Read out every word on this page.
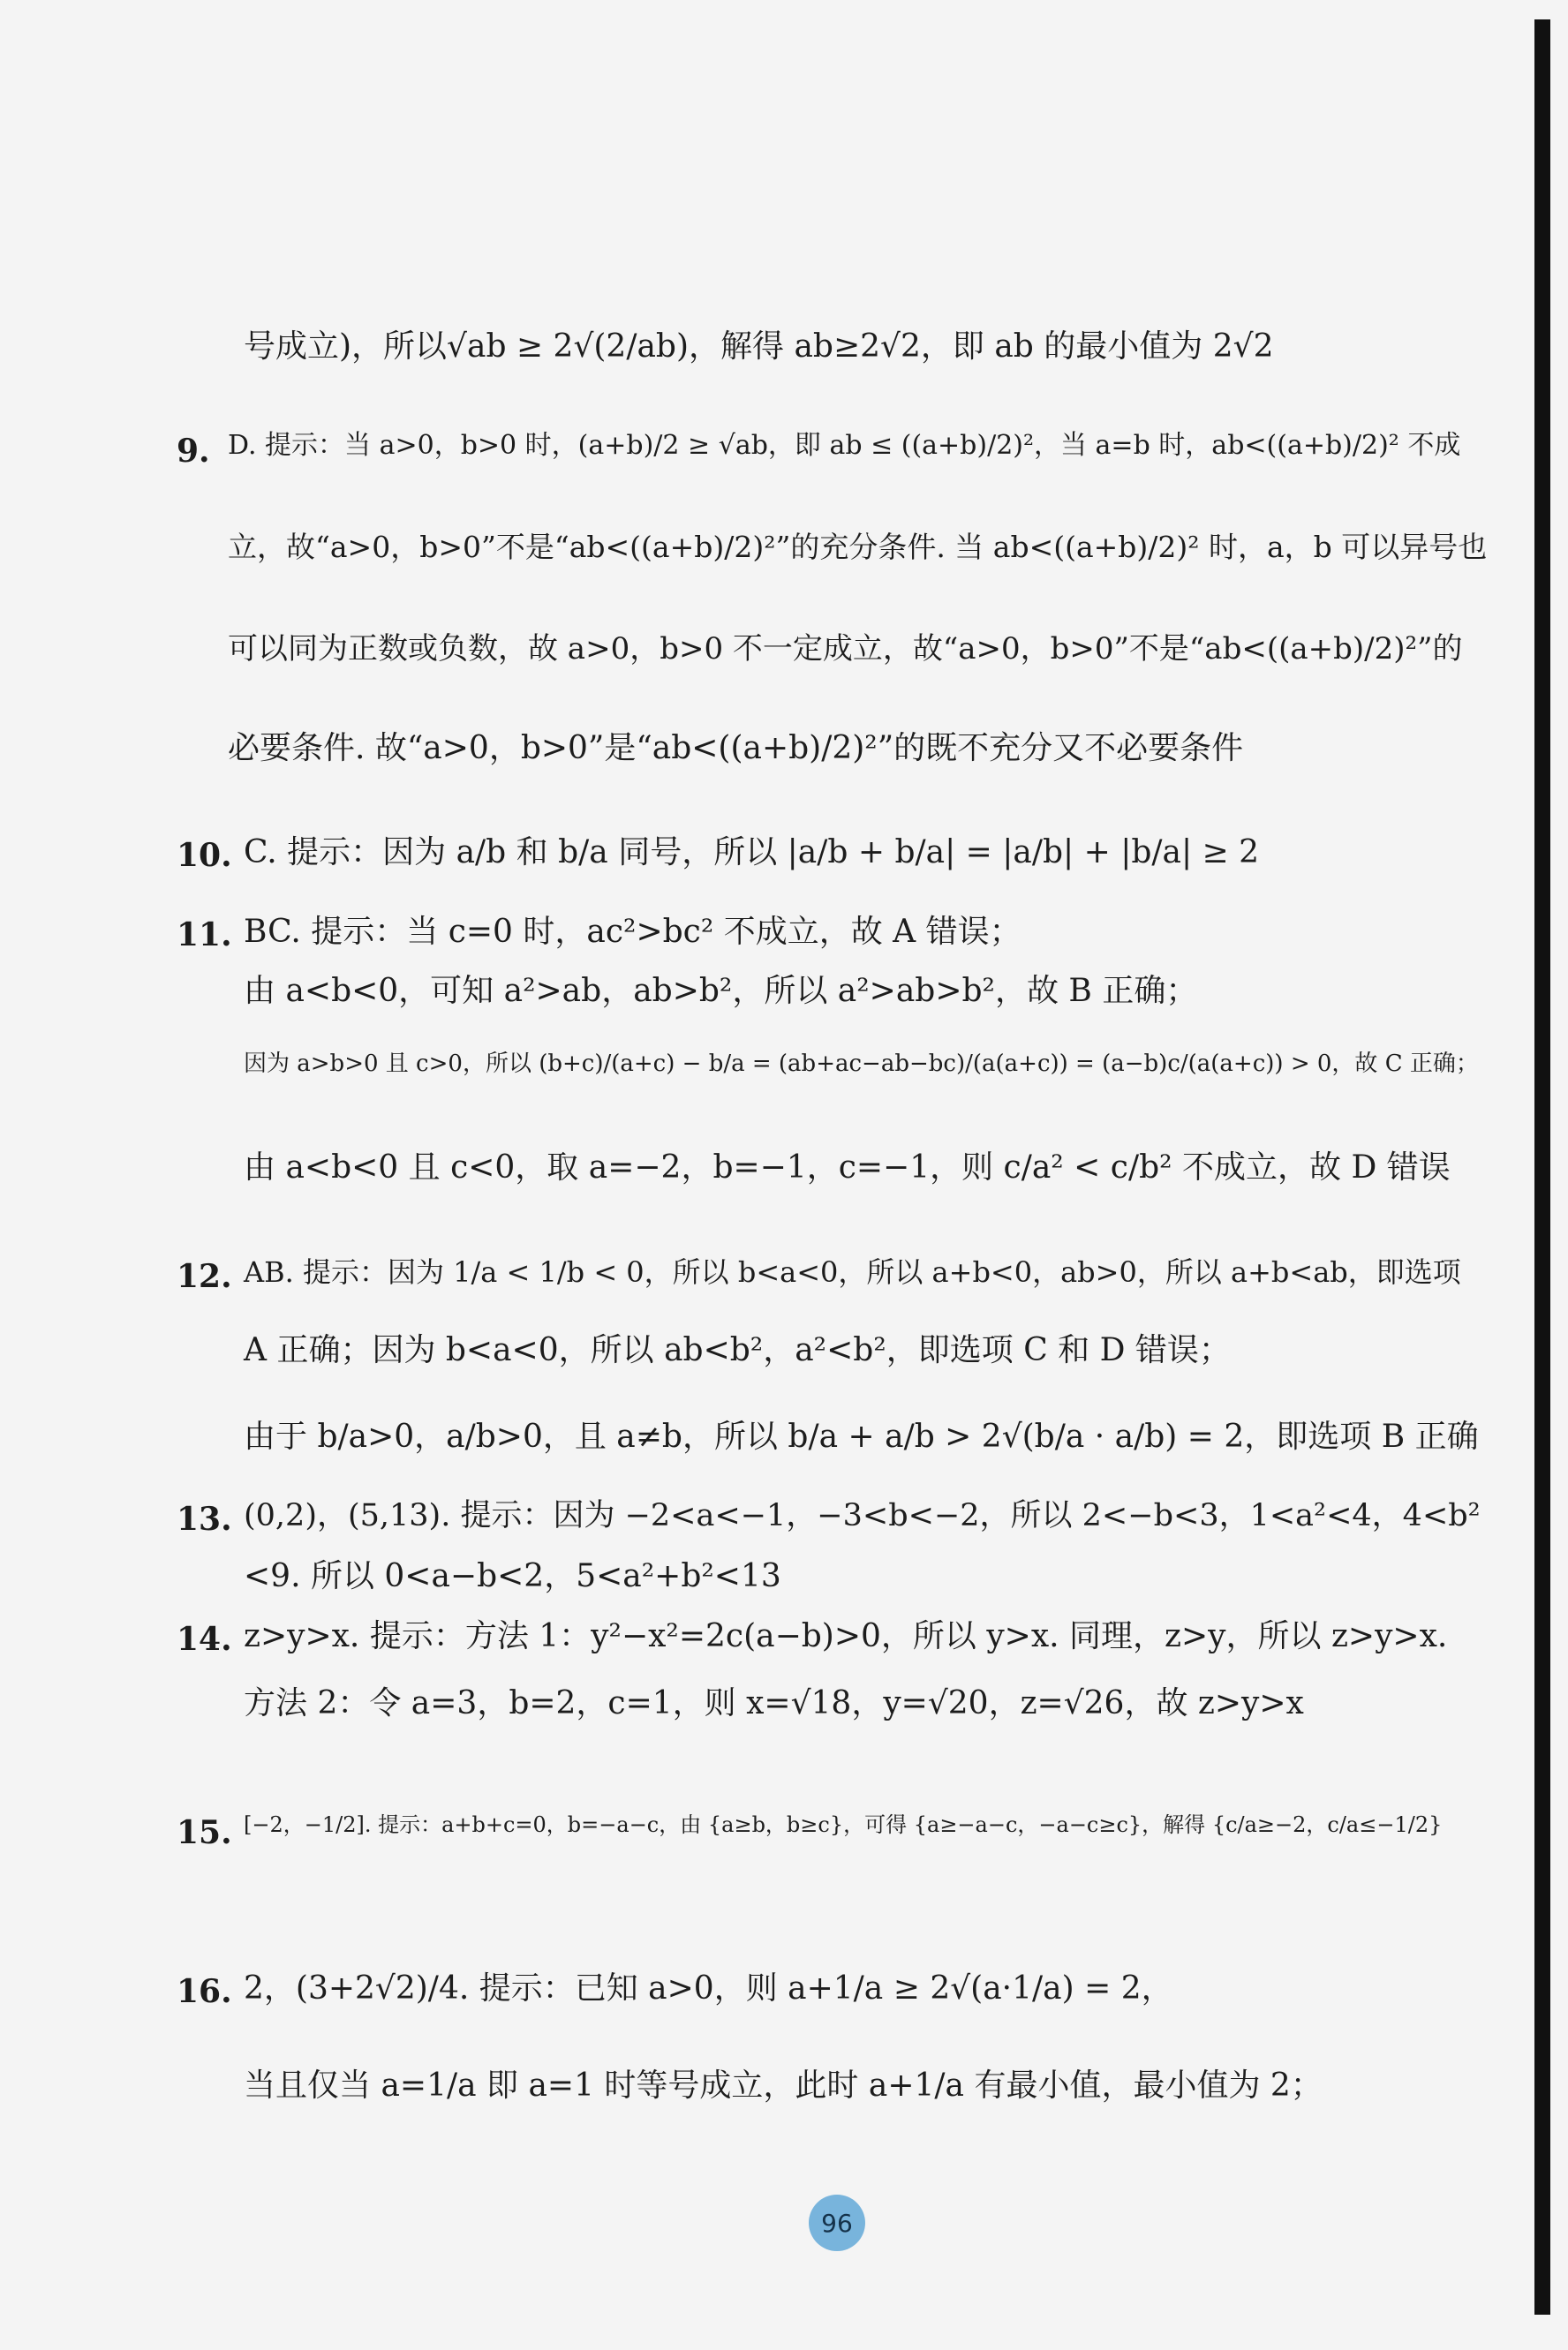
号成立)，所以√ab ≥ 2√(2/ab)，解得 ab≥2√2，即 ab 的最小值为 2√2
9. D. 提示：当 a>0，b>0 时，(a+b)/2 ≥ √ab，即 ab ≤ ((a+b)/2)²，当 a=b 时，ab<((a+b)/2)² 不成
立，故“a>0，b>0”不是“ab<((a+b)/2)²”的充分条件. 当 ab<((a+b)/2)² 时，a，b 可以异号也
可以同为正数或负数，故 a>0，b>0 不一定成立，故“a>0，b>0”不是“ab<((a+b)/2)²”的
必要条件. 故“a>0，b>0”是“ab<((a+b)/2)²”的既不充分又不必要条件
10. C. 提示：因为 a/b 和 b/a 同号，所以 |a/b + b/a| = |a/b| + |b/a| ≥ 2
11. BC. 提示：当 c=0 时，ac²>bc² 不成立，故 A 错误；
由 a<b<0，可知 a²>ab，ab>b²，所以 a²>ab>b²，故 B 正确；
因为 a>b>0 且 c>0，所以 (b+c)/(a+c) − b/a = (ab+ac−ab−bc)/(a(a+c)) = (a−b)c/(a(a+c)) > 0，故 C 正确；
由 a<b<0 且 c<0，取 a=−2，b=−1，c=−1，则 c/a² < c/b² 不成立，故 D 错误
12. AB. 提示：因为 1/a < 1/b < 0，所以 b<a<0，所以 a+b<0，ab>0，所以 a+b<ab，即选项
A 正确；因为 b<a<0，所以 ab<b²，a²<b²，即选项 C 和 D 错误；
由于 b/a>0，a/b>0，且 a≠b，所以 b/a + a/b > 2√(b/a · a/b) = 2，即选项 B 正确
13. (0,2)，(5,13). 提示：因为 −2<a<−1，−3<b<−2，所以 2<−b<3，1<a²<4，4<b²
<9. 所以 0<a−b<2，5<a²+b²<13
14. z>y>x. 提示：方法 1：y²−x²=2c(a−b)>0，所以 y>x. 同理，z>y，所以 z>y>x.
方法 2：令 a=3，b=2，c=1，则 x=√18，y=√20，z=√26，故 z>y>x
15. [−2，−1/2]. 提示：a+b+c=0，b=−a−c，由 {a≥b，b≥c}，可得 {a≥−a−c，−a−c≥c}，解得 {c/a≥−2，c/a≤−1/2}
16. 2，(3+2√2)/4. 提示：已知 a>0，则 a+1/a ≥ 2√(a·1/a) = 2，
当且仅当 a=1/a 即 a=1 时等号成立，此时 a+1/a 有最小值，最小值为 2；
96
